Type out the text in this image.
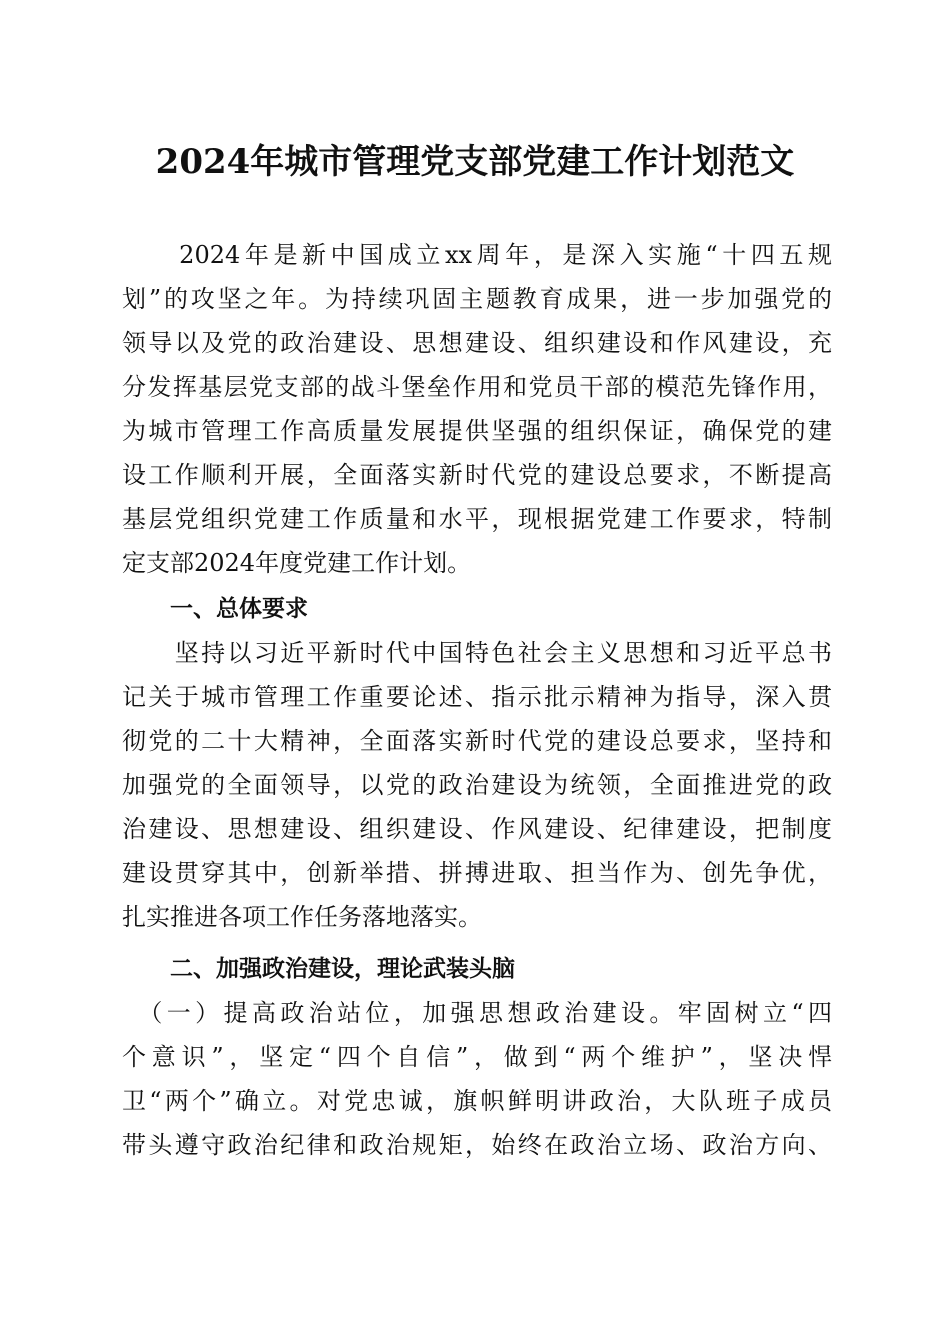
2024年城市管理党支部党建工作计划范文

　　2024年是新中国成立xx周年，是深入实施“十四五规

划”的攻坚之年。为持续巩固主题教育成果，进一步加强党的

领导以及党的政治建设、思想建设、组织建设和作风建设，充

分发挥基层党支部的战斗堡垒作用和党员干部的模范先锋作用，

为城市管理工作高质量发展提供坚强的组织保证，确保党的建

设工作顺利开展，全面落实新时代党的建设总要求，不断提高

基层党组织党建工作质量和水平，现根据党建工作要求，特制

定支部2024年度党建工作计划。

一、总体要求

　　坚持以习近平新时代中国特色社会主义思想和习近平总书

记关于城市管理工作重要论述、指示批示精神为指导，深入贯

彻党的二十大精神，全面落实新时代党的建设总要求，坚持和

加强党的全面领导，以党的政治建设为统领，全面推进党的政

治建设、思想建设、组织建设、作风建设、纪律建设，把制度

建设贯穿其中，创新举措、拼搏进取、担当作为、创先争优，

扎实推进各项工作任务落地落实。

二、加强政治建设，理论武装头脑

　（一）提高政治站位，加强思想政治建设。牢固树立“四

个意识”，坚定“四个自信”，做到“两个维护”，坚决悍

卫“两个”确立。对党忠诚，旗帜鲜明讲政治，大队班子成员

带头遵守政治纪律和政治规矩，始终在政治立场、政治方向、
